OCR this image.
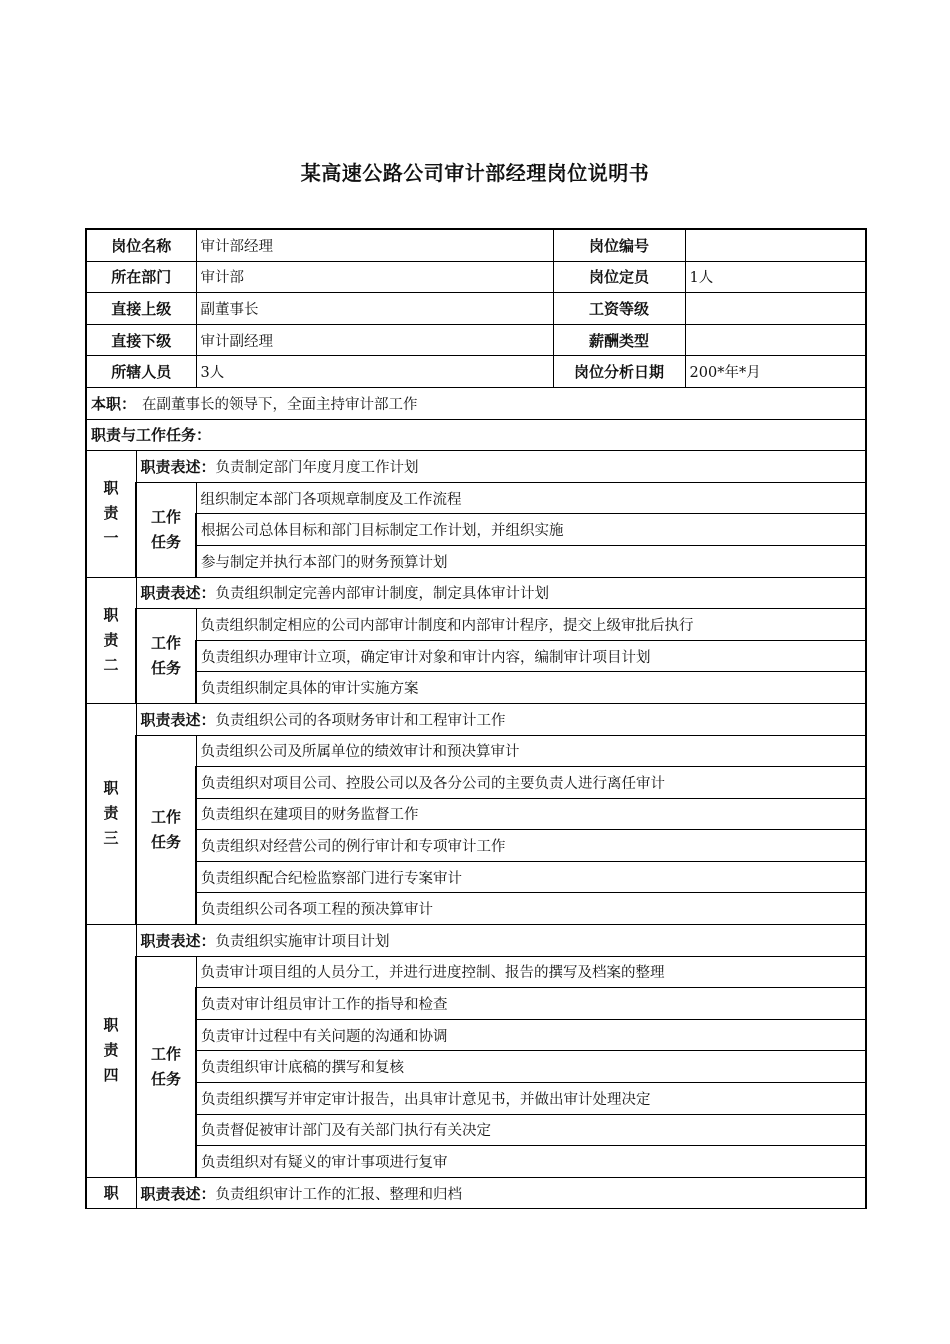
某高速公路公司审计部经理岗位说明书
岗位名称		审计部经理	岗位编号	
所在部门		审计部	岗位定员	1人
直接上级		副董事长	工资等级	
直接下级		审计副经理	薪酬类型	
所辖人员		3人	岗位分析日期	200*年*月
本职： 在副董事长的领导下，全面主持审计部工作				
职责与工作任务：				

职
责
一	职责表述：负责制定部门年度月度工作计划			

	工作
任务	组织制定本部门各项规章制度及工作流程		
		根据公司总体目标和部门目标制定工作计划，并组织实施		
		参与制定并执行本部门的财务预算计划		

职
责
二	职责表述：负责组织制定完善内部审计制度，制定具体审计计划			

	工作
任务	负责组织制定相应的公司内部审计制度和内部审计程序，提交上级审批后执行		
		负责组织办理审计立项，确定审计对象和审计内容，编制审计项目计划		
		负责组织制定具体的审计实施方案		

职
责
三	职责表述：负责组织公司的各项财务审计和工程审计工作			

	工作
任务	负责组织公司及所属单位的绩效审计和预决算审计		
		负责组织对项目公司、控股公司以及各分公司的主要负责人进行离任审计		
		负责组织在建项目的财务监督工作		
		负责组织对经营公司的例行审计和专项审计工作		
		负责组织配合纪检监察部门进行专案审计		
		负责组织公司各项工程的预决算审计		

职
责
四	职责表述：负责组织实施审计项目计划			

	工作
任务	负责审计项目组的人员分工，并进行进度控制、报告的撰写及档案的整理		
		负责对审计组员审计工作的指导和检查		
		负责审计过程中有关问题的沟通和协调		
		负责组织审计底稿的撰写和复核		
		负责组织撰写并审定审计报告，出具审计意见书，并做出审计处理决定		
		负责督促被审计部门及有关部门执行有关决定		
		负责组织对有疑义的审计事项进行复审		

职	职责表述：负责组织审计工作的汇报、整理和归档			
